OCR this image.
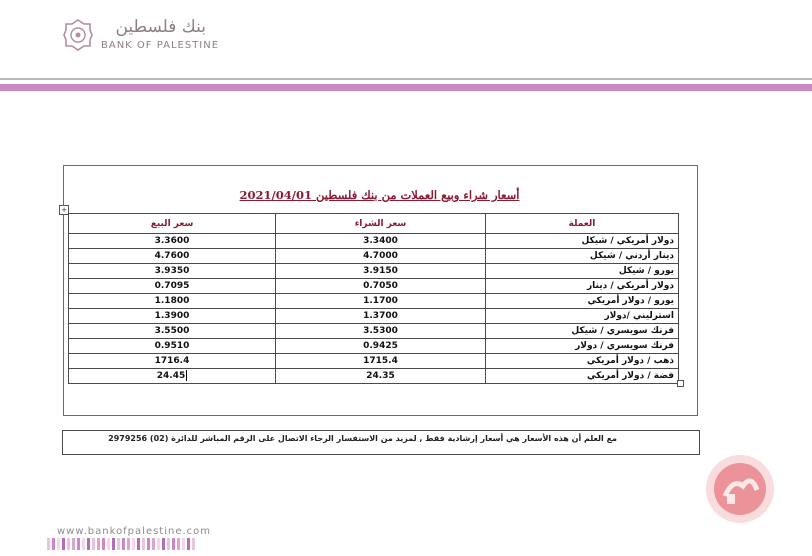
بنك فلسطين
BANK OF PALESTINE
أسعار شراء وبيع العملات من بنك فلسطين 2021/04/01
+
سعر البيع	سعر الشراء	العملة
3.3600	3.3400	دولار أمريكي / شيكل
4.7600	4.7000	دينار أردني / شيكل
3.9350	3.9150	يورو / شيكل
0.7095	0.7050	دولار أمريكي / دينار
1.1800	1.1700	يورو / دولار أمريكي
1.3900	1.3700	استرليني /دولار
3.5500	3.5300	فرنك سويسري / شيكل
0.9510	0.9425	فرنك سويسري / دولار
1716.4	1715.4	ذهب / دولار أمريكي
24.45	24.35	فضة / دولار أمريكي
مع العلم أن هذه الأسعار هي أسعار إرشادية فقط , لمزيد من الاستفسار الرجاء الاتصال على الرقم المباشر للدائرة (02) 2979256
www.bankofpalestine.com
